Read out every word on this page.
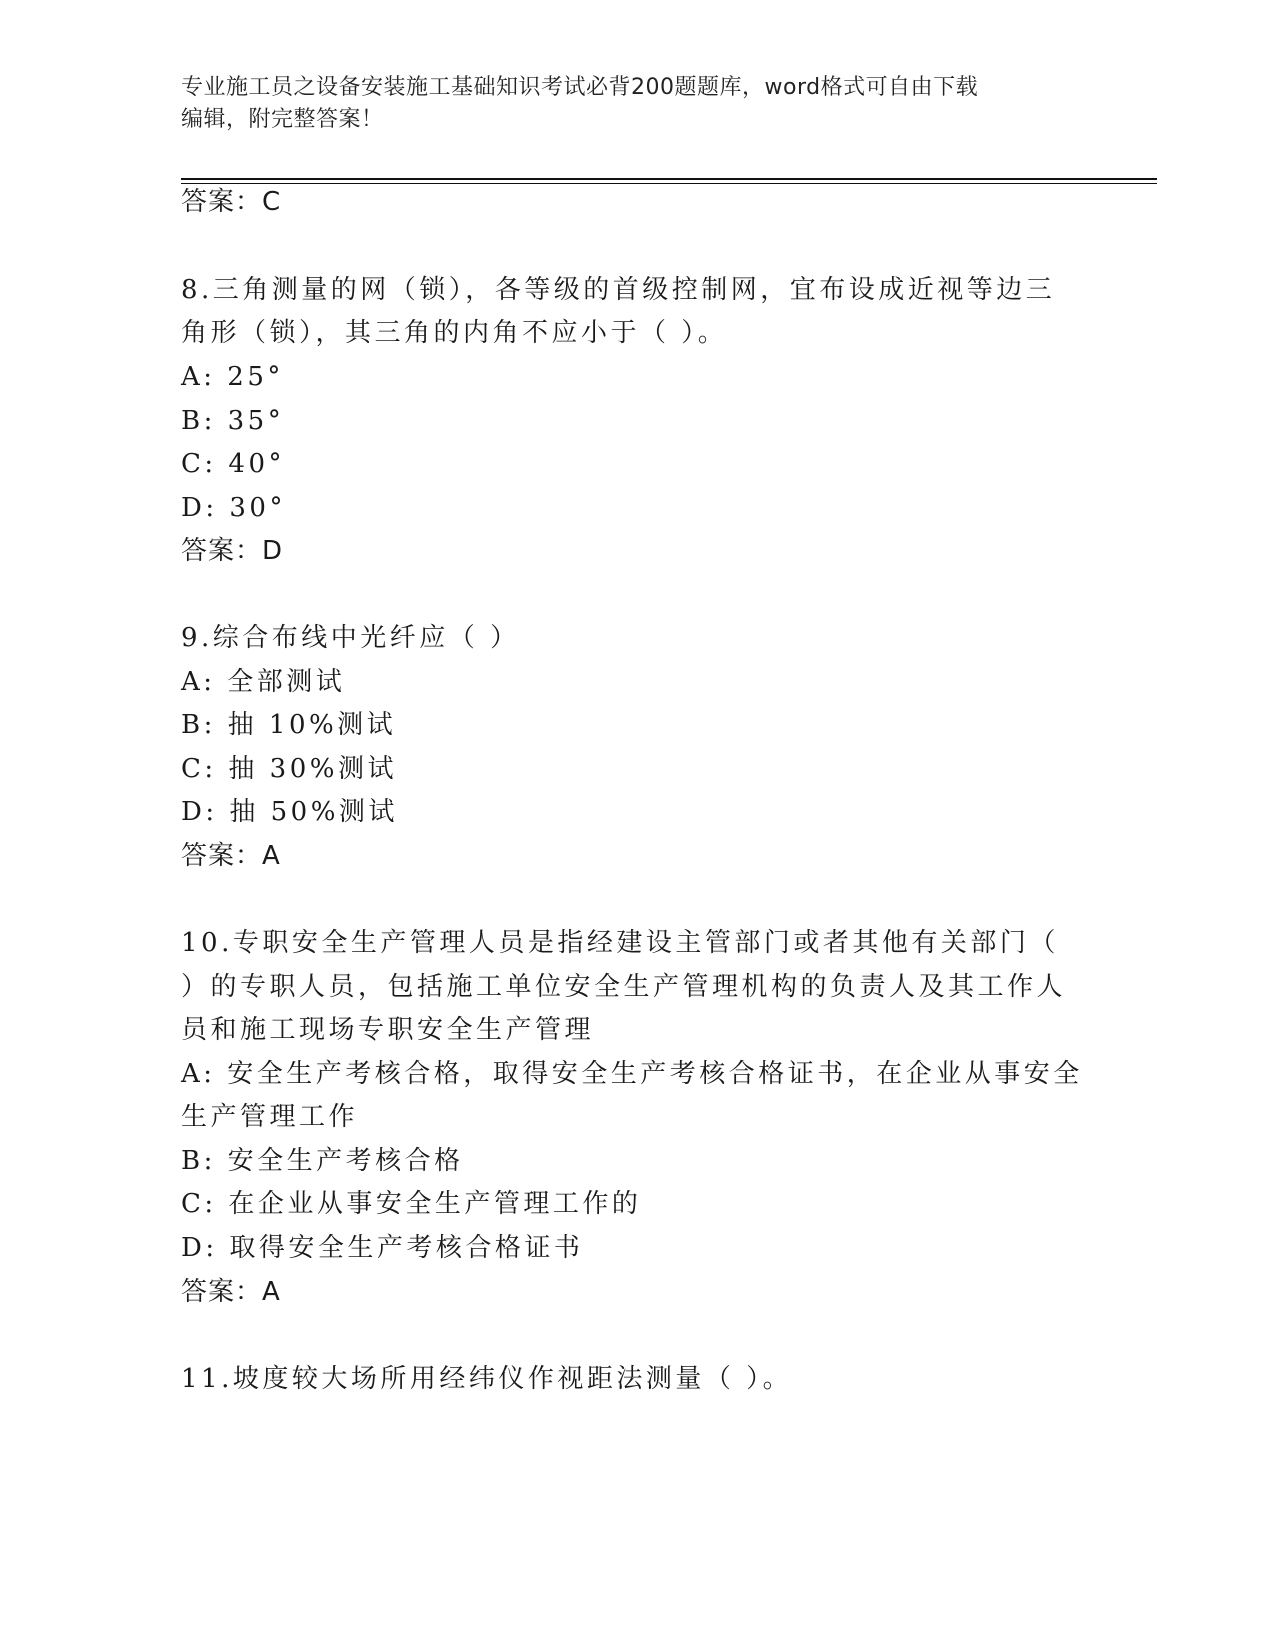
专业施工员之设备安装施工基础知识考试必背200题题库，word格式可自由下载
编辑，附完整答案！
答案：C
8.三角测量的网（锁），各等级的首级控制网，宜布设成近视等边三
角形（锁），其三角的内角不应小于（ ）。
A: 25°
B: 35°
C: 40°
D: 30°
答案：D
9.综合布线中光纤应（ ）
A: 全部测试
B: 抽 10%测试
C: 抽 30%测试
D: 抽 50%测试
答案：A
10.专职安全生产管理人员是指经建设主管部门或者其他有关部门（
）的专职人员，包括施工单位安全生产管理机构的负责人及其工作人
员和施工现场专职安全生产管理
A: 安全生产考核合格，取得安全生产考核合格证书，在企业从事安全
生产管理工作
B: 安全生产考核合格
C: 在企业从事安全生产管理工作的
D: 取得安全生产考核合格证书
答案：A
11.坡度较大场所用经纬仪作视距法测量（ ）。
